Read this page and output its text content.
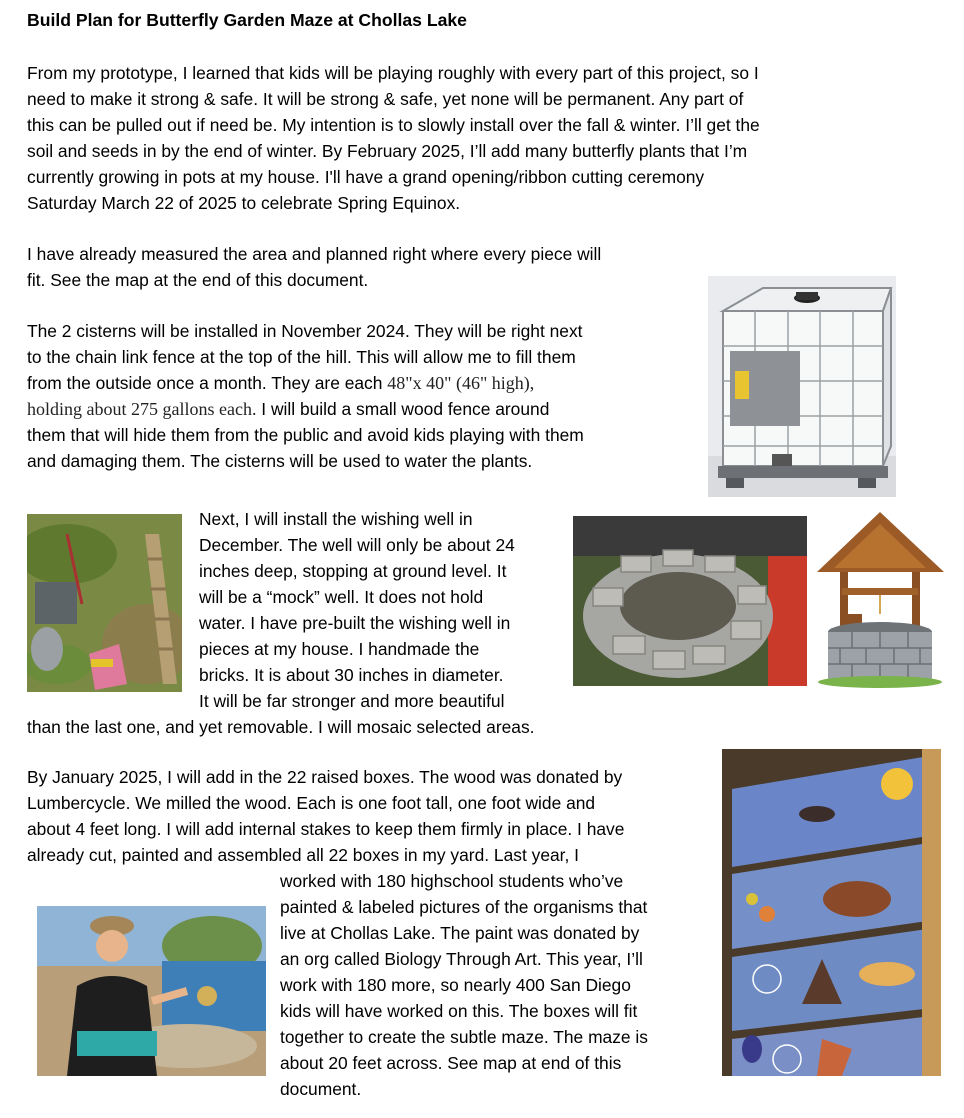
Build Plan for Butterfly Garden Maze at Chollas Lake
From my prototype, I learned that kids will be playing roughly with every part of this project, so I
need to make it strong & safe. It will be strong & safe, yet none will be permanent. Any part of
this can be pulled out if need be. My intention is to slowly install over the fall & winter. I’ll get the
soil and seeds in by the end of winter. By February 2025, I’ll add many butterfly plants that I’m
currently growing in pots at my house. I'll have a grand opening/ribbon cutting ceremony
Saturday March 22 of 2025 to celebrate Spring Equinox.
I have already measured the area and planned right where every piece will
fit. See the map at the end of this document.
The 2 cisterns will be installed in November 2024. They will be right next
to the chain link fence at the top of the hill. This will allow me to fill them
from the outside once a month. They are each 48"x 40" (46" high),
holding about 275 gallons each. I will build a small wood fence around
them that will hide them from the public and avoid kids playing with them
and damaging them. The cisterns will be used to water the plants.
Next, I will install the wishing well in
December. The well will only be about 24
inches deep, stopping at ground level. It
will be a “mock” well. It does not hold
water. I have pre-built the wishing well in
pieces at my house. I handmade the
bricks. It is about 30 inches in diameter.
It will be far stronger and more beautiful
than the last one, and yet removable. I will mosaic selected areas.
By January 2025, I will add in the 22 raised boxes. The wood was donated by
Lumbercycle. We milled the wood. Each is one foot tall, one foot wide and
about 4 feet long. I will add internal stakes to keep them firmly in place. I have
already cut, painted and assembled all 22 boxes in my yard. Last year, I
worked with 180 highschool students who’ve
painted & labeled pictures of the organisms that
live at Chollas Lake. The paint was donated by
an org called Biology Through Art. This year, I’ll
work with 180 more, so nearly 400 San Diego
kids will have worked on this. The boxes will fit
together to create the subtle maze. The maze is
about 20 feet across. See map at end of this
document.
